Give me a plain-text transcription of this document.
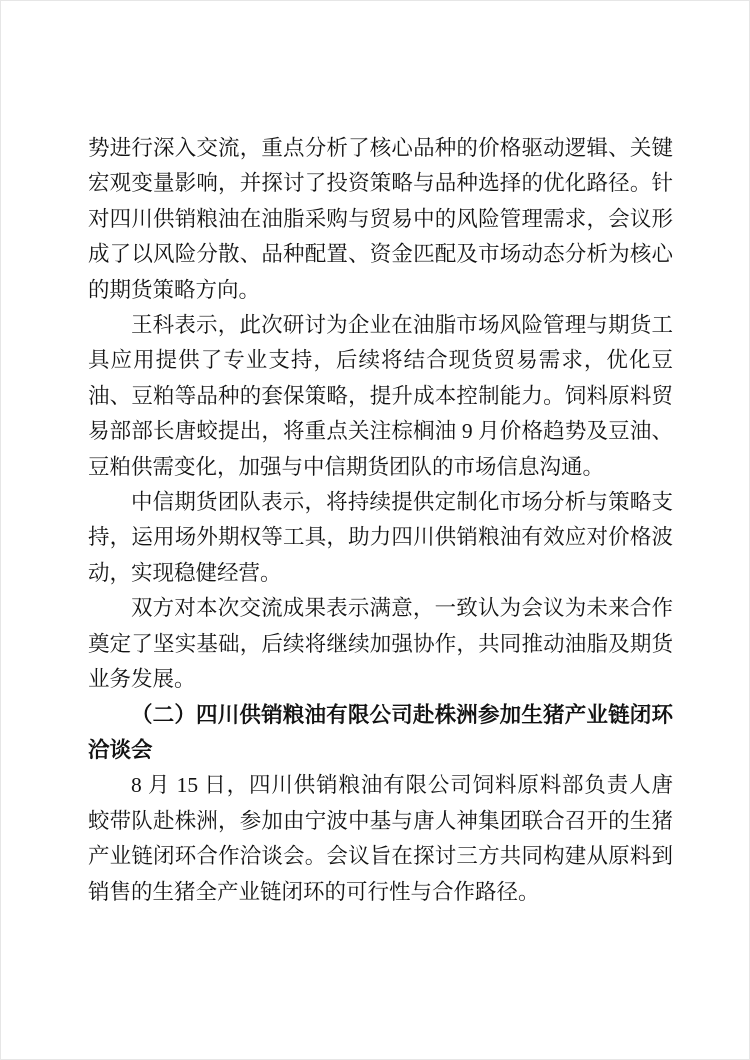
势进行深入交流，重点分析了核心品种的价格驱动逻辑、关键宏观变量影响，并探讨了投资策略与品种选择的优化路径。针对四川供销粮油在油脂采购与贸易中的风险管理需求，会议形成了以风险分散、品种配置、资金匹配及市场动态分析为核心的期货策略方向。

王科表示，此次研讨为企业在油脂市场风险管理与期货工具应用提供了专业支持，后续将结合现货贸易需求，优化豆油、豆粕等品种的套保策略，提升成本控制能力。饲料原料贸易部部长唐蛟提出，将重点关注棕榈油 9 月价格趋势及豆油、豆粕供需变化，加强与中信期货团队的市场信息沟通。

中信期货团队表示，将持续提供定制化市场分析与策略支持，运用场外期权等工具，助力四川供销粮油有效应对价格波动，实现稳健经营。

双方对本次交流成果表示满意，一致认为会议为未来合作奠定了坚实基础，后续将继续加强协作，共同推动油脂及期货业务发展。

（二）四川供销粮油有限公司赴株洲参加生猪产业链闭环洽谈会

8 月 15 日，四川供销粮油有限公司饲料原料部负责人唐蛟带队赴株洲，参加由宁波中基与唐人神集团联合召开的生猪产业链闭环合作洽谈会。会议旨在探讨三方共同构建从原料到销售的生猪全产业链闭环的可行性与合作路径。
